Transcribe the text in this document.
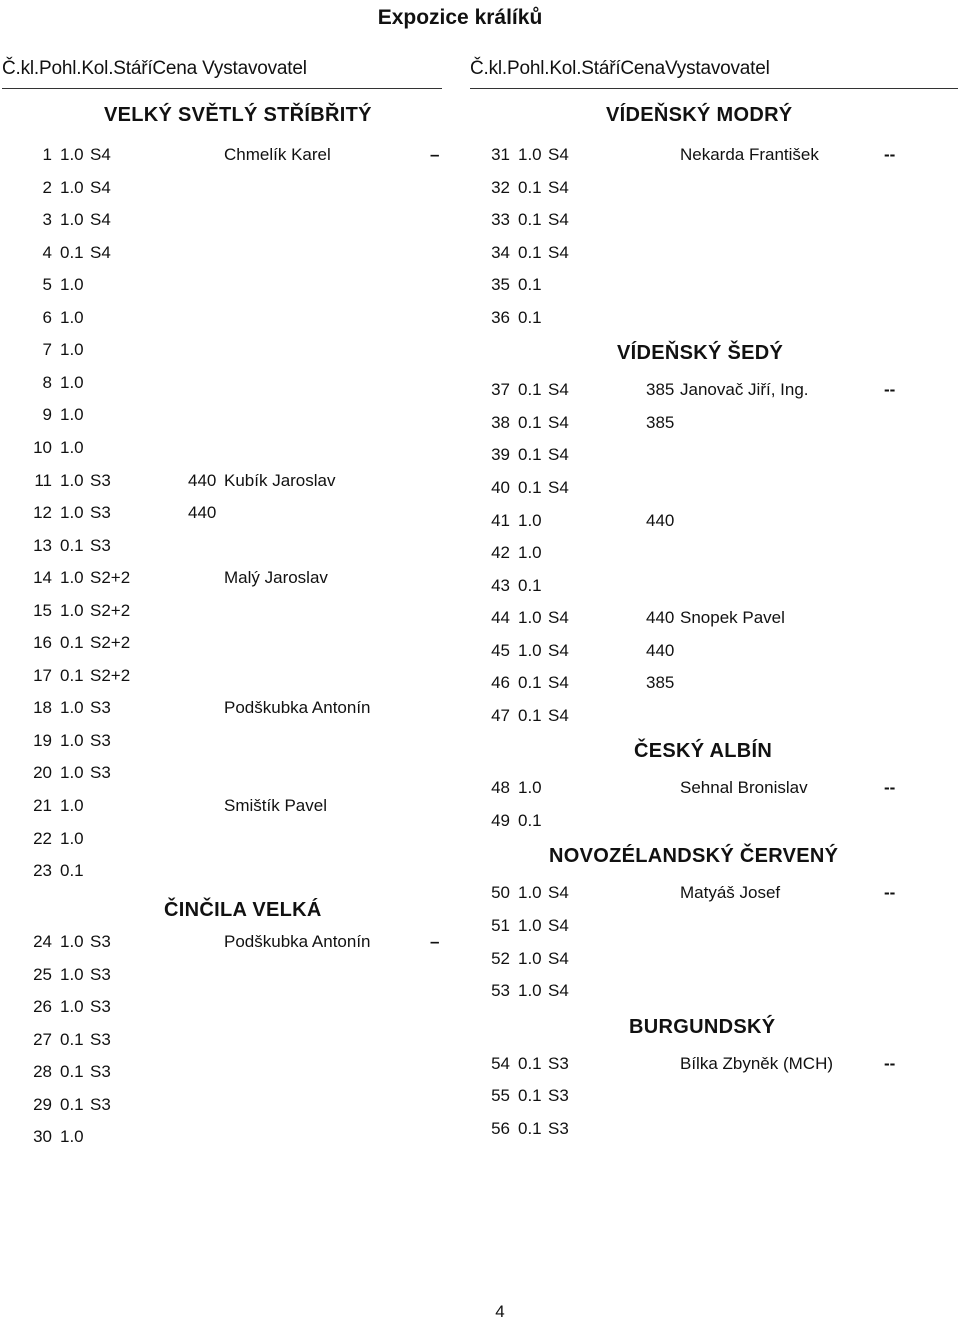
Expozice králíků
Č.kl.Pohl.Kol.StáříCena Vystavovatel	Č.kl.Pohl.Kol.StáříCenaVystavovatel
VELKÝ SVĚTLÝ STŘÍBŘITÝ
1 1.0 S4	Chmelík Karel	–
2 1.0 S4
3 1.0 S4
4 0.1 S4
5 1.0
6 1.0
7 1.0
8 1.0
9 1.0
10 1.0
11 1.0 S3	440 Kubík Jaroslav
12 1.0 S3	440
13 0.1 S3
14 1.0 S2+2	Malý Jaroslav
15 1.0 S2+2
16 0.1 S2+2
17 0.1 S2+2
18 1.0 S3	Podškubka Antonín
19 1.0 S3
20 1.0 S3
21 1.0	Smištík Pavel
22 1.0
23 0.1
ČINČILA VELKÁ
24 1.0 S3	Podškubka Antonín	–
25 1.0 S3
26 1.0 S3
27 0.1 S3
28 0.1 S3
29 0.1 S3
30 1.0
VÍDEŇSKÝ MODRÝ
31 1.0 S4	Nekarda František	--
32 0.1 S4
33 0.1 S4
34 0.1 S4
35 0.1
36 0.1
VÍDEŇSKÝ ŠEDÝ
37 0.1 S4	385 Janovač Jiří, Ing.	--
38 0.1 S4	385
39 0.1 S4
40 0.1 S4
41 1.0	440
42 1.0
43 0.1
44 1.0 S4	440 Snopek Pavel
45 1.0 S4	440
46 0.1 S4	385
47 0.1 S4
ČESKÝ ALBÍN
48 1.0	Sehnal Bronislav	--
49 0.1
NOVOZÉLANDSKÝ ČERVENÝ
50 1.0 S4	Matyáš Josef	--
51 1.0 S4
52 1.0 S4
53 1.0 S4
BURGUNDSKÝ
54 0.1 S3	Bílka Zbyněk (MCH)	--
55 0.1 S3
56 0.1 S3
4
